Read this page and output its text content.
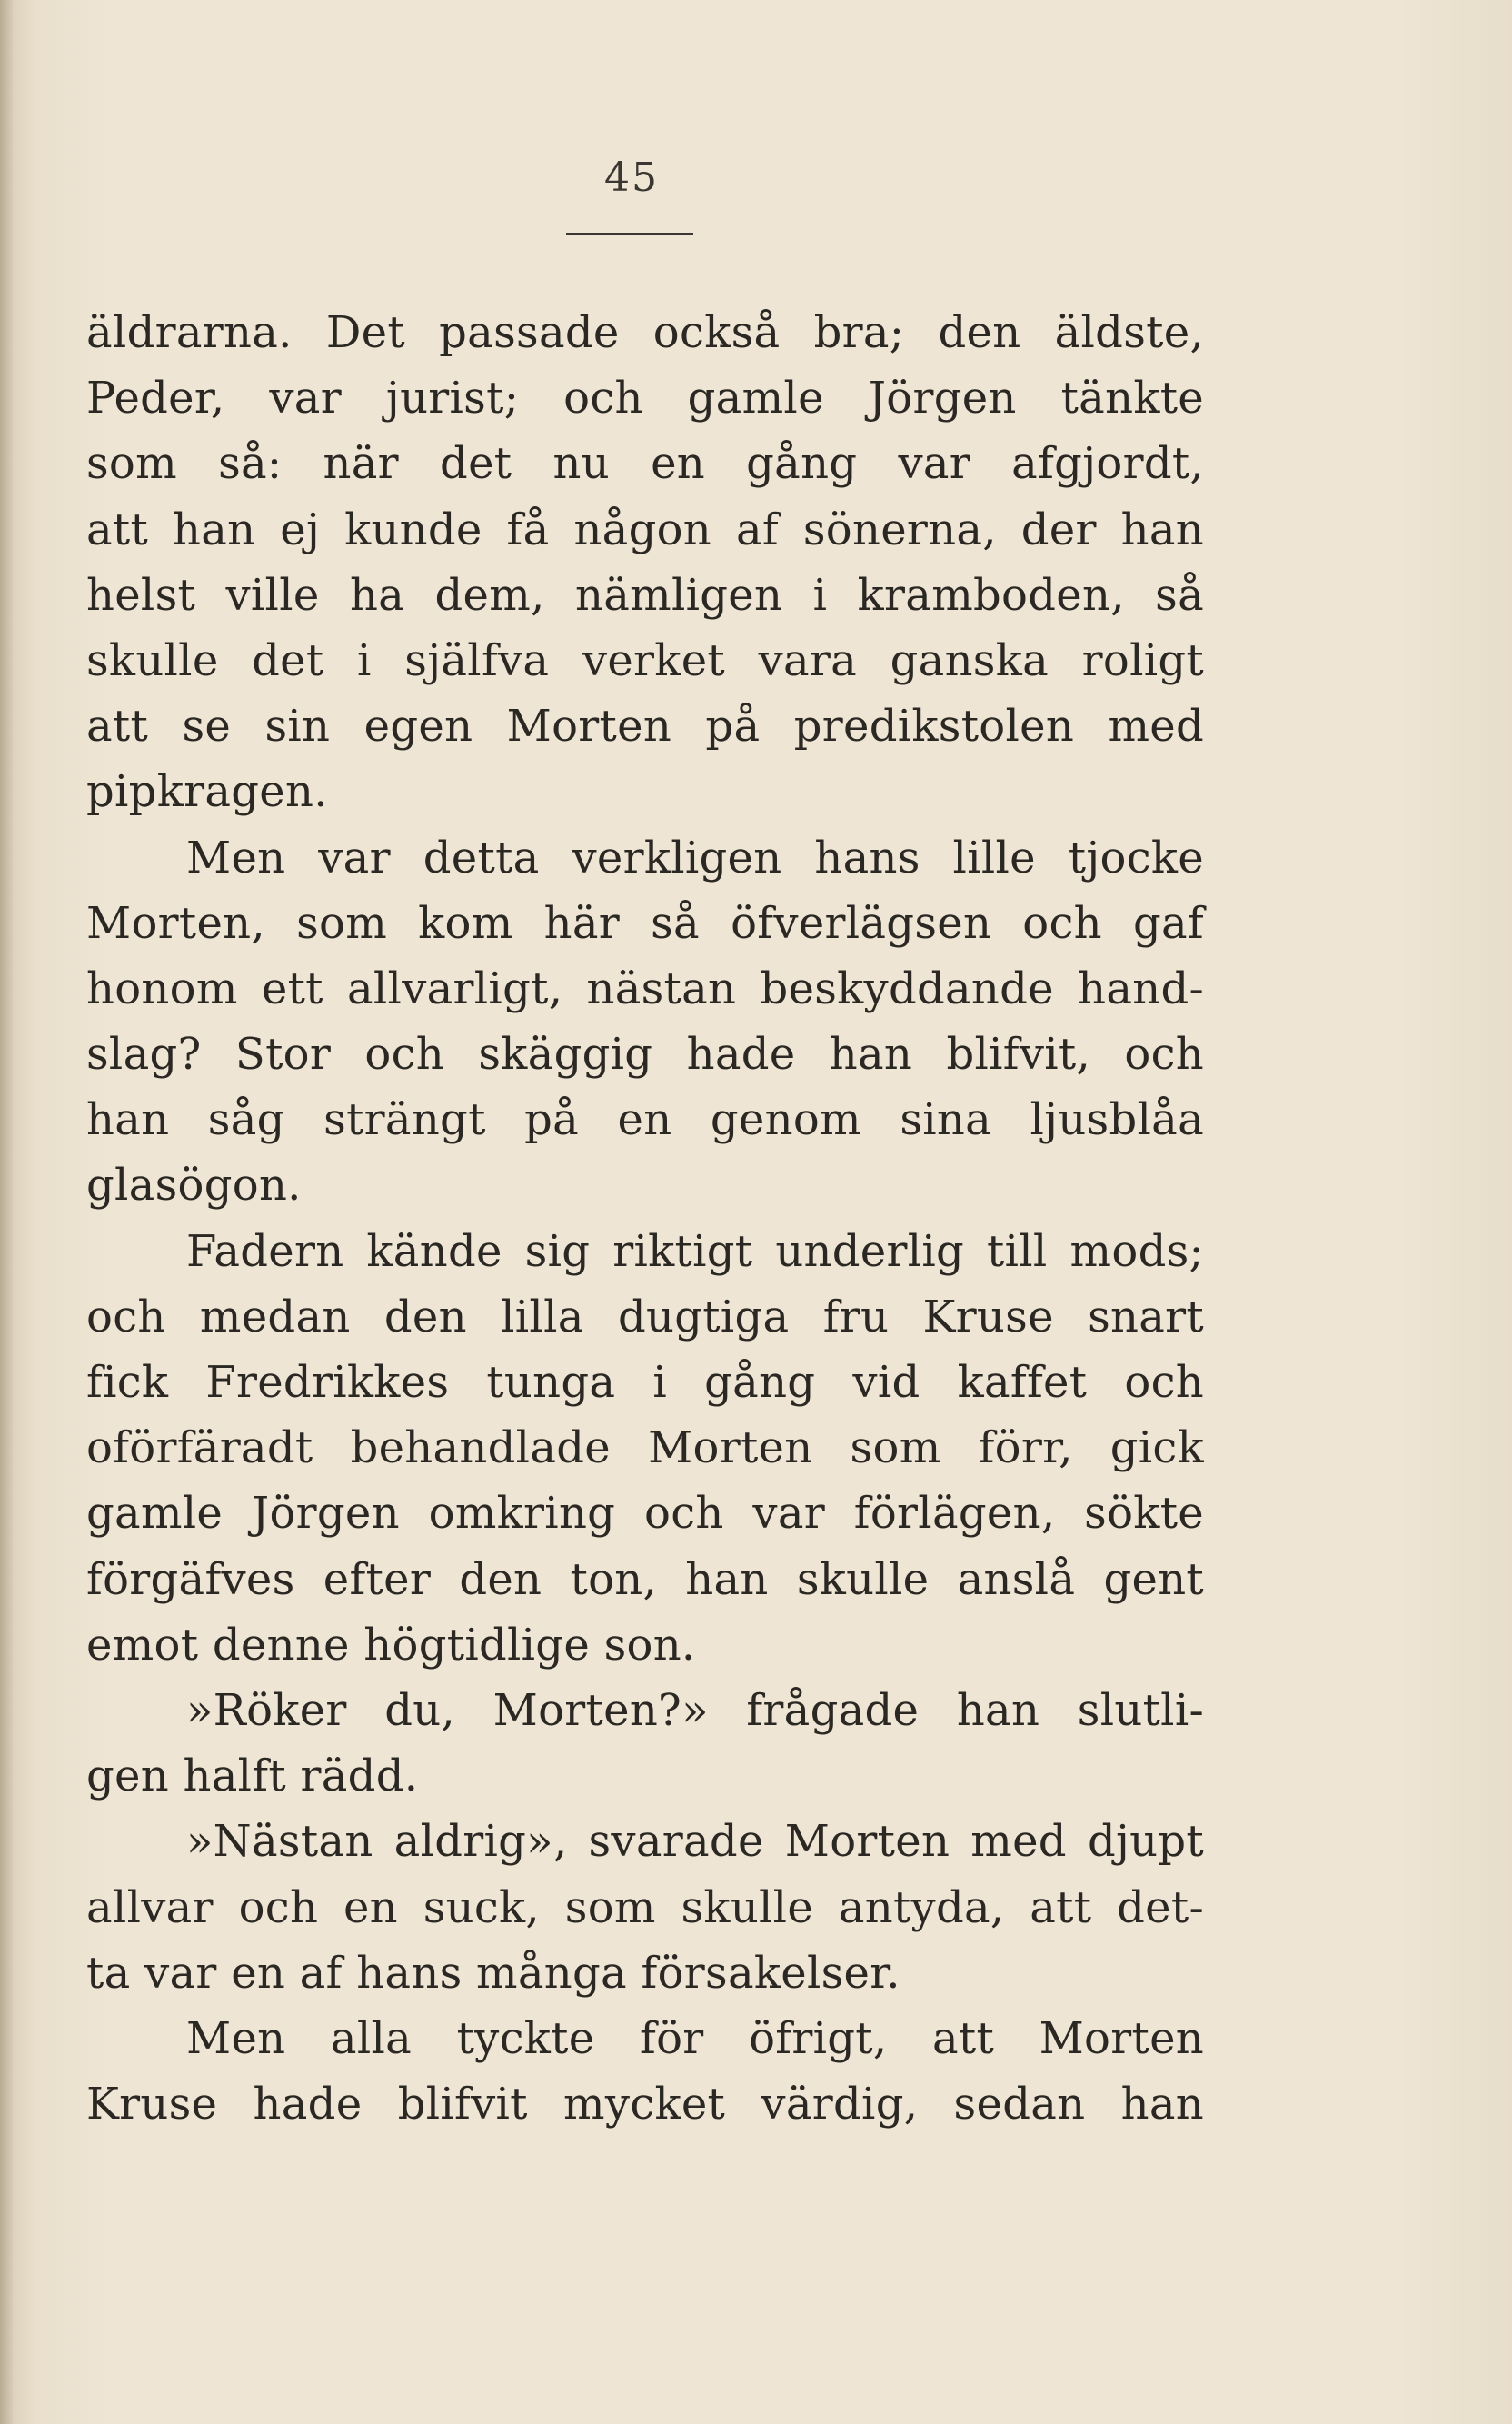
45
äldrarna. Det passade också bra; den äldste,
Peder, var jurist; och gamle Jörgen tänkte
som så: när det nu en gång var afgjordt,
att han ej kunde få någon af sönerna, der han
helst ville ha dem, nämligen i kramboden, så
skulle det i själfva verket vara ganska roligt
att se sin egen Morten på predikstolen med
pipkragen.
Men var detta verkligen hans lille tjocke
Morten, som kom här så öfverlägsen och gaf
honom ett allvarligt, nästan beskyddande hand-
slag? Stor och skäggig hade han blifvit, och
han såg strängt på en genom sina ljusblåa
glasögon.
Fadern kände sig riktigt underlig till mods;
och medan den lilla dugtiga fru Kruse snart
fick Fredrikkes tunga i gång vid kaffet och
oförfäradt behandlade Morten som förr, gick
gamle Jörgen omkring och var förlägen, sökte
förgäfves efter den ton, han skulle anslå gent
emot denne högtidlige son.
»Röker du, Morten?» frågade han slutli-
gen halft rädd.
»Nästan aldrig», svarade Morten med djupt
allvar och en suck, som skulle antyda, att det-
ta var en af hans många försakelser.
Men alla tyckte för öfrigt, att Morten
Kruse hade blifvit mycket värdig, sedan han
